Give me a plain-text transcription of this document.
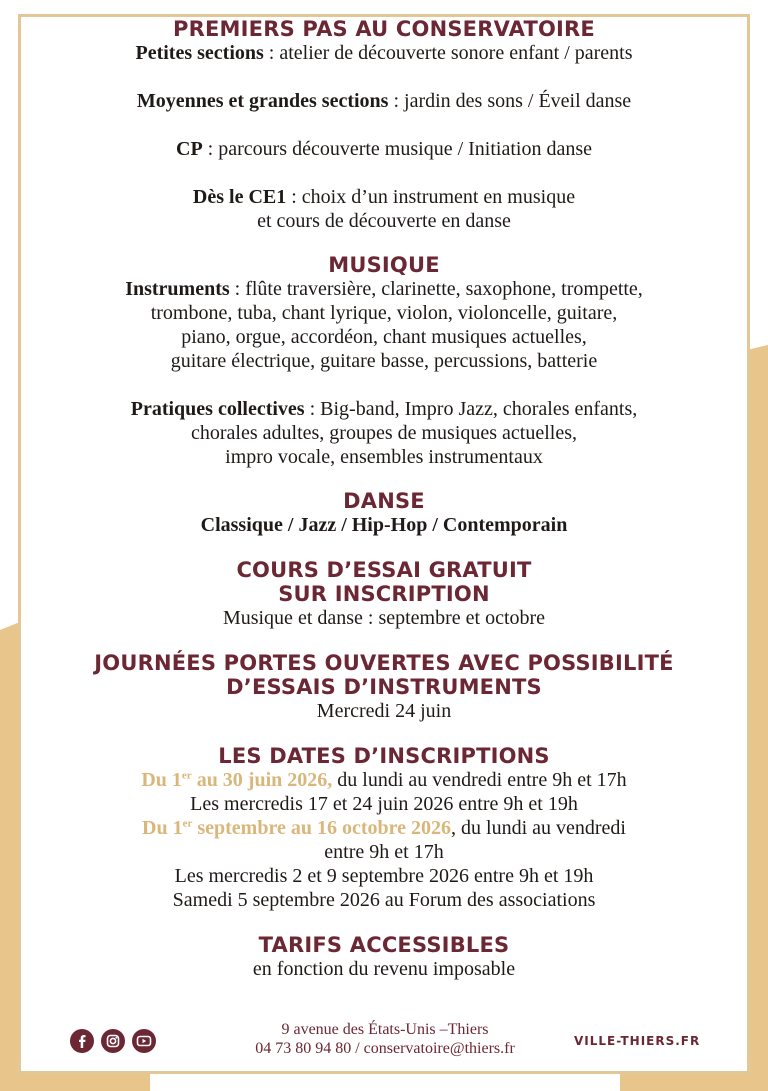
PREMIERS PAS AU CONSERVATOIRE

Petites sections : atelier de découverte sonore enfant / parents

Moyennes et grandes sections : jardin des sons / Éveil danse

CP : parcours découverte musique / Initiation danse

Dès le CE1 : choix d’un instrument en musique

et cours de découverte en danse

MUSIQUE

Instruments : flûte traversière, clarinette, saxophone, trompette,

trombone, tuba, chant lyrique, violon, violoncelle, guitare,

piano, orgue, accordéon, chant musiques actuelles,

guitare électrique, guitare basse, percussions, batterie

Pratiques collectives : Big-band, Impro Jazz, chorales enfants,

chorales adultes, groupes de musiques actuelles,

impro vocale, ensembles instrumentaux

DANSE

Classique / Jazz / Hip-Hop / Contemporain

COURS D’ESSAI GRATUIT
SUR INSCRIPTION

Musique et danse : septembre et octobre

JOURNÉES PORTES OUVERTES AVEC POSSIBILITÉ
D’ESSAIS D’INSTRUMENTS

Mercredi 24 juin

LES DATES D’INSCRIPTIONS

Du 1er au 30 juin 2026, du lundi au vendredi entre 9h et 17h

Les mercredis 17 et 24 juin 2026 entre 9h et 19h

Du 1er septembre au 16 octobre 2026, du lundi au vendredi

entre 9h et 17h

Les mercredis 2 et 9 septembre 2026 entre 9h et 19h

Samedi 5 septembre 2026 au Forum des associations

TARIFS ACCESSIBLES

en fonction du revenu imposable

9 avenue des États-Unis –Thiers
04 73 80 94 80 / conservatoire@thiers.fr	VILLE-THIERS.FR
